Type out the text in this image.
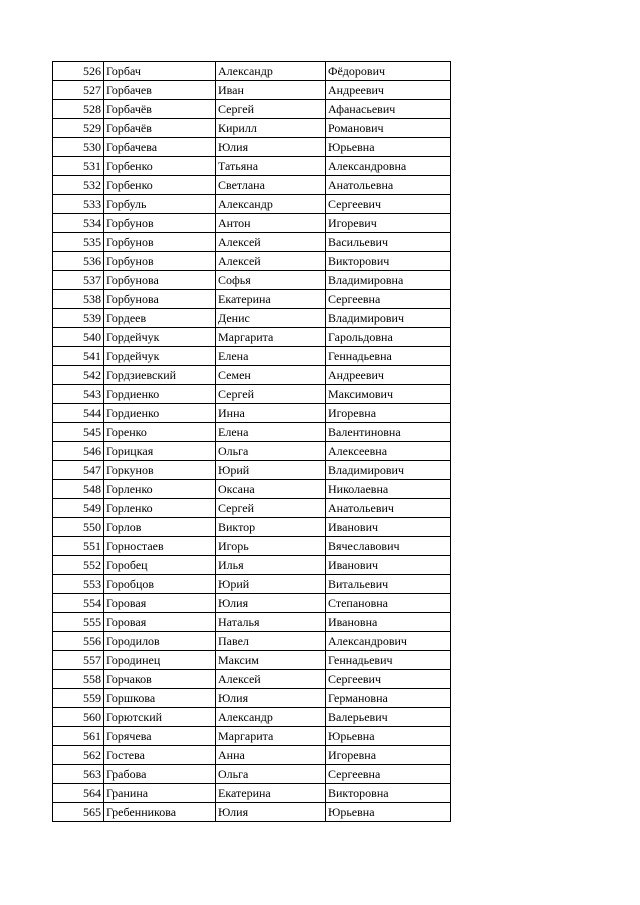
526	Горбач	Александр	Фёдорович
527	Горбачев	Иван	Андреевич
528	Горбачёв	Сергей	Афанасьевич
529	Горбачёв	Кирилл	Романович
530	Горбачева	Юлия	Юрьевна
531	Горбенко	Татьяна	Александровна
532	Горбенко	Светлана	Анатольевна
533	Горбуль	Александр	Сергеевич
534	Горбунов	Антон	Игоревич
535	Горбунов	Алексей	Васильевич
536	Горбунов	Алексей	Викторович
537	Горбунова	Софья	Владимировна
538	Горбунова	Екатерина	Сергеевна
539	Гордеев	Денис	Владимирович
540	Гордейчук	Маргарита	Гарольдовна
541	Гордейчук	Елена	Геннадьевна
542	Гордзиевский	Семен	Андреевич
543	Гордиенко	Сергей	Максимович
544	Гордиенко	Инна	Игоревна
545	Горенко	Елена	Валентиновна
546	Горицкая	Ольга	Алексеевна
547	Горкунов	Юрий	Владимирович
548	Горленко	Оксана	Николаевна
549	Горленко	Сергей	Анатольевич
550	Горлов	Виктор	Иванович
551	Горностаев	Игорь	Вячеславович
552	Горобец	Илья	Иванович
553	Горобцов	Юрий	Витальевич
554	Горовая	Юлия	Степановна
555	Горовая	Наталья	Ивановна
556	Городилов	Павел	Александрович
557	Городинец	Максим	Геннадьевич
558	Горчаков	Алексей	Сергеевич
559	Горшкова	Юлия	Германовна
560	Горютский	Александр	Валерьевич
561	Горячева	Маргарита	Юрьевна
562	Гостева	Анна	Игоревна
563	Грабова	Ольга	Сергеевна
564	Гранина	Екатерина	Викторовна
565	Гребенникова	Юлия	Юрьевна
